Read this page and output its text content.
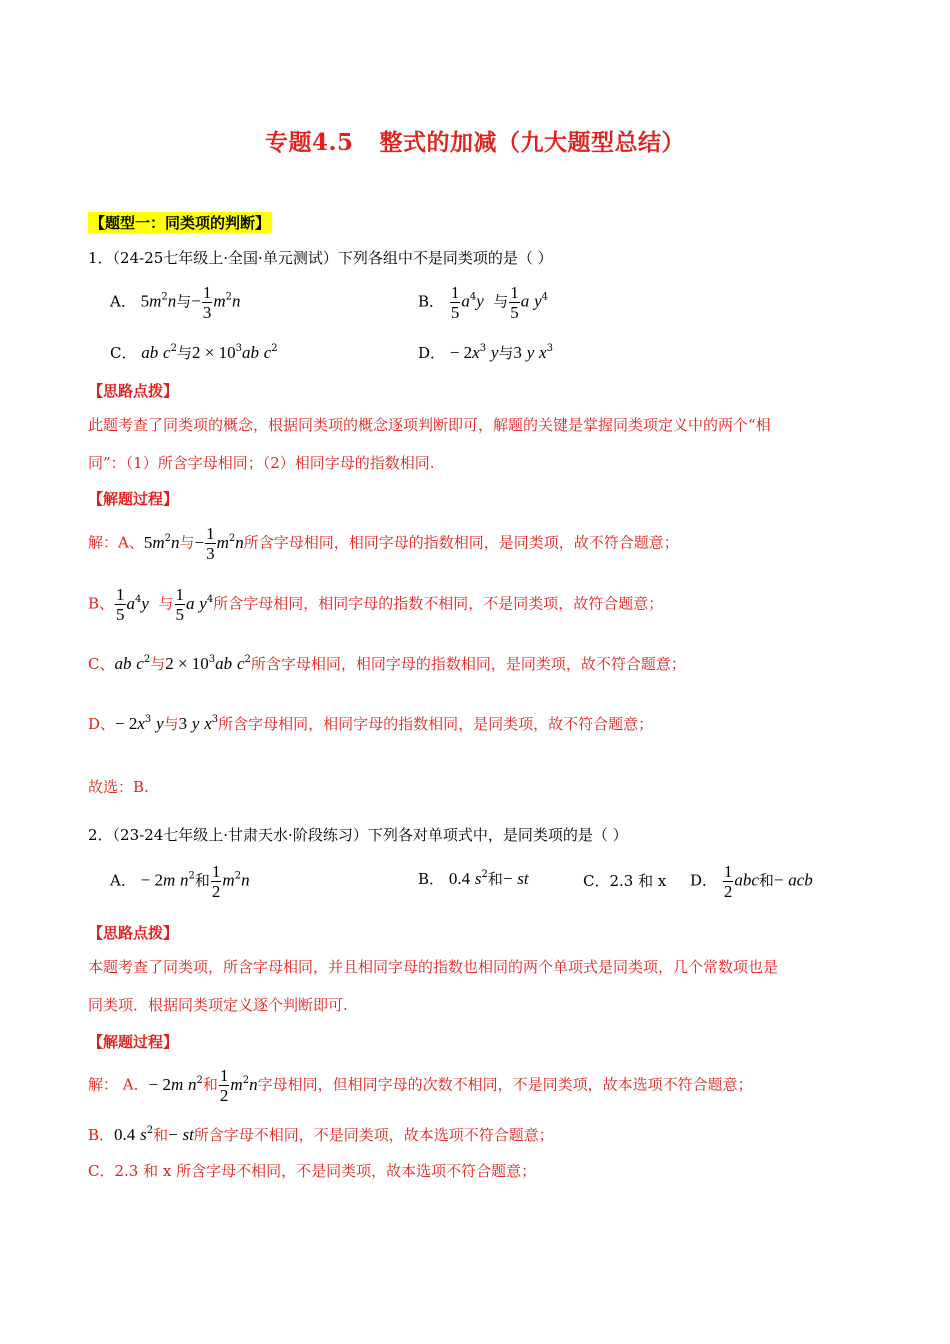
专题4.5 整式的加减（九大题型总结）
【题型一：同类项的判断】
1．（24-25七年级上·全国·单元测试）下列各组中不是同类项的是（ ）
A． $5m^2n$与− $\frac{1}{3} m^2n$	B． $\frac{1}{5} a^4y$ 与 $\frac{1}{5}$ a $y^4$
C． ab $c^2$与$2 \times 10^3ab$ $c^2$	D． − $2x^3$ y与3 y $x^3$
【思路点拨】
此题考查了同类项的概念，根据同类项的概念逐项判断即可，解题的关键是掌握同类项定义中的两个“相
同”：（1）所含字母相同；（2）相同字母的指数相同.
【解题过程】
解：A、$5m^2n$与− $\frac{1}{3} m^2n$所含字母相同，相同字母的指数相同，是同类项，故不符合题意；
B、 $\frac{1}{5} a^4y$ 与 $\frac{1}{5}$ a $y^4$所含字母相同，相同字母的指数不相同，不是同类项，故符合题意；
C、ab $c^2$与$2 \times 10^3ab$ $c^2$所含字母相同，相同字母的指数相同，是同类项，故不符合题意；
D、− $2x^3$ y与3 y $x^3$所含字母相同，相同字母的指数相同，是同类项，故不符合题意；
故选：B.
2．（23-24七年级上·甘肃天水·阶段练习）下列各对单项式中，是同类项的是（ ）
A． − 2m $n^2$和 $\frac{1}{2} m^2n$	B． 0.4 $s^2$和− st	C．2.3 和 x D． $\frac{1}{2}$ abc和− acb
【思路点拨】
本题考查了同类项，所含字母相同，并且相同字母的指数也相同的两个单项式是同类项，几个常数项也是
同类项．根据同类项定义逐个判断即可.
【解题过程】
解： A．− 2m $n^2$和 $\frac{1}{2} m^2n$字母相同，但相同字母的次数不相同，不是同类项，故本选项不符合题意；
B．0.4 $s^2$和− st所含字母不相同，不是同类项，故本选项不符合题意；
C．2.3 和 x 所含字母不相同，不是同类项，故本选项不符合题意；
